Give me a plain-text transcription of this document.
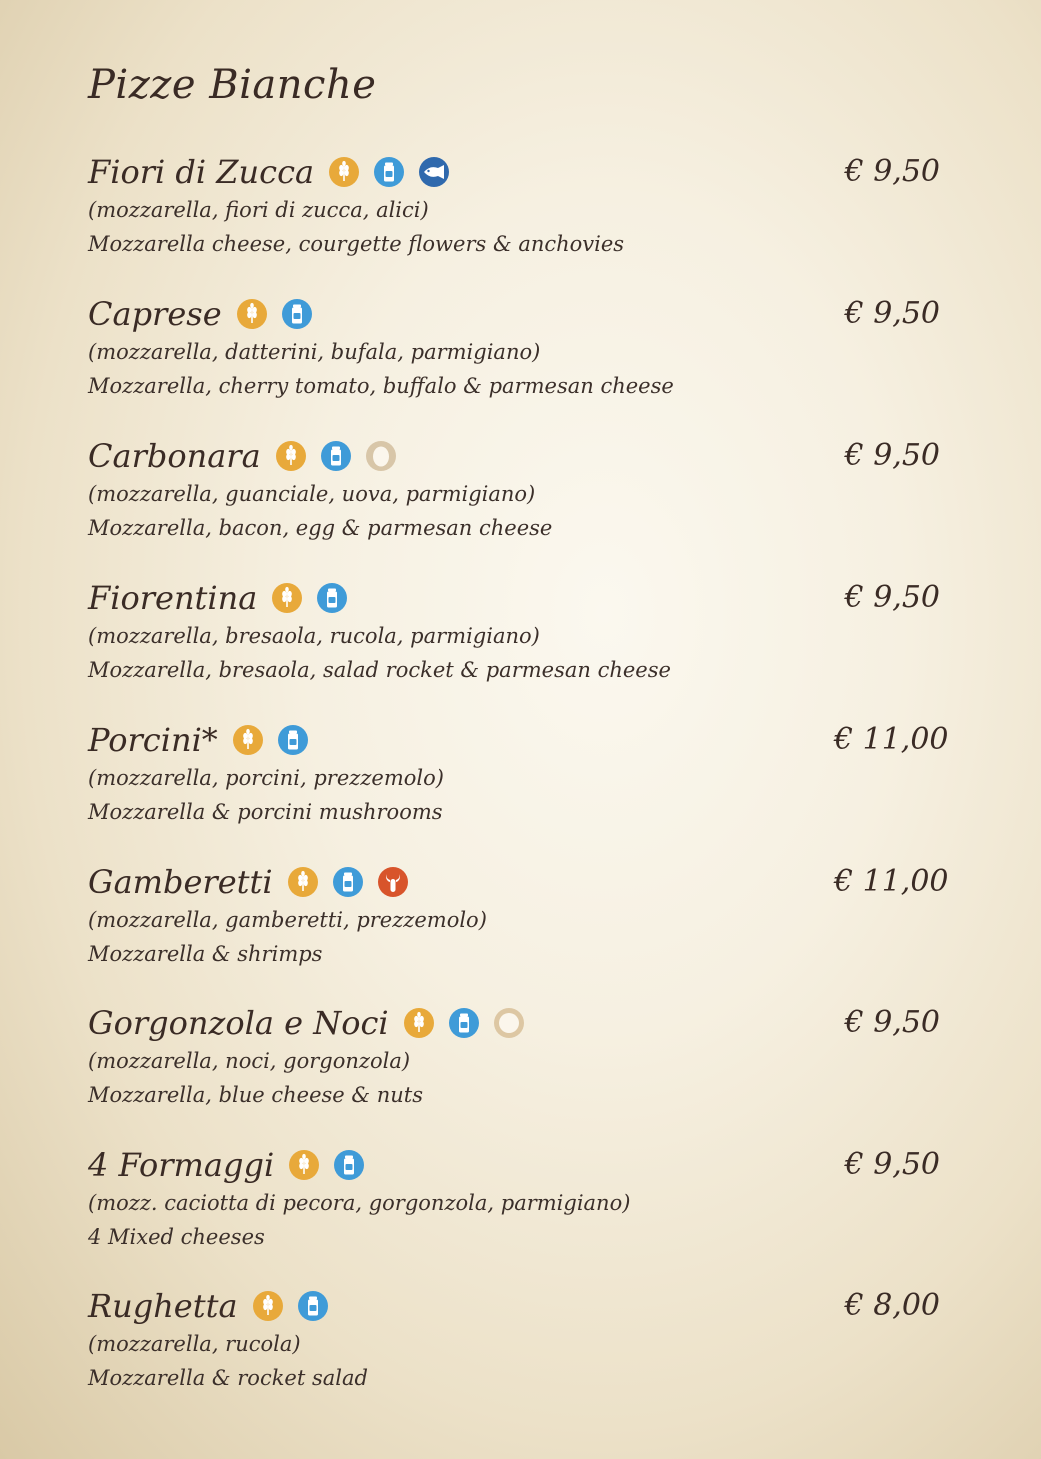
Pizze Bianche
Fiori di Zucca	€ 9,50
(mozzarella, fiori di zucca, alici)
Mozzarella cheese, courgette flowers & anchovies
Caprese	€ 9,50
(mozzarella, datterini, bufala, parmigiano)
Mozzarella, cherry tomato, buffalo & parmesan cheese
Carbonara	€ 9,50
(mozzarella, guanciale, uova, parmigiano)
Mozzarella, bacon, egg & parmesan cheese
Fiorentina	€ 9,50
(mozzarella, bresaola, rucola, parmigiano)
Mozzarella, bresaola, salad rocket & parmesan cheese
Porcini*	€ 11,00
(mozzarella, porcini, prezzemolo)
Mozzarella & porcini mushrooms
Gamberetti	€ 11,00
(mozzarella, gamberetti, prezzemolo)
Mozzarella & shrimps
Gorgonzola e Noci	€ 9,50
(mozzarella, noci, gorgonzola)
Mozzarella, blue cheese & nuts
4 Formaggi	€ 9,50
(mozz. caciotta di pecora, gorgonzola, parmigiano)
4 Mixed cheeses
Rughetta	€ 8,00
(mozzarella, rucola)
Mozzarella & rocket salad
